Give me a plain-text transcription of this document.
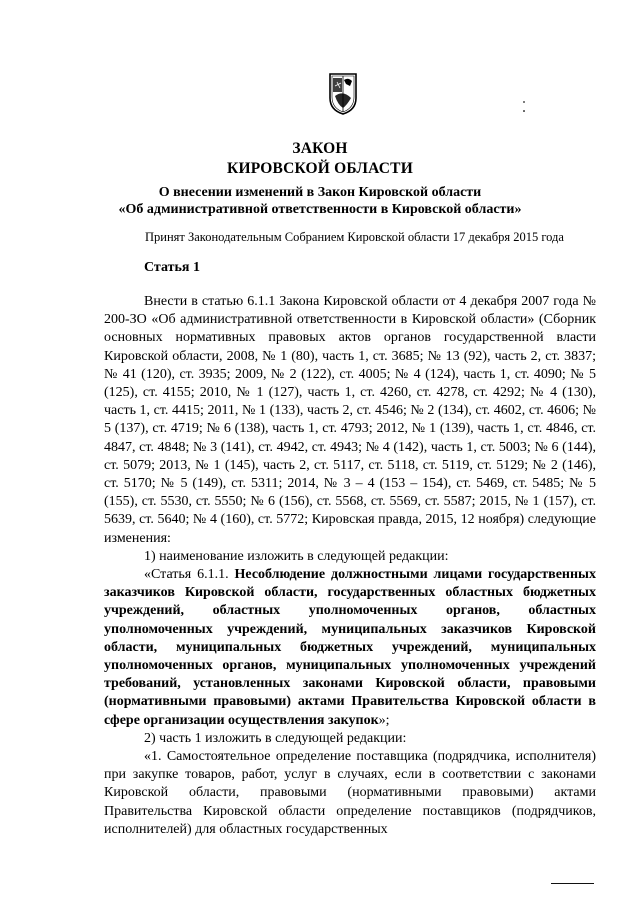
ЗАКОН
КИРОВСКОЙ ОБЛАСТИ
О внесении изменений в Закон Кировской области
«Об административной ответственности в Кировской области»
Принят Законодательным Собранием Кировской области 17 декабря 2015 года
Статья 1

Внести в статью 6.1.1 Закона Кировской области от 4 декабря 2007 года № 200-ЗО «Об административной ответственности в Кировской области» (Сборник основных нормативных правовых актов органов государственной власти Кировской области, 2008, № 1 (80), часть 1, ст. 3685; № 13 (92), часть 2, ст. 3837; № 41 (120), ст. 3935; 2009, № 2 (122), ст. 4005; № 4 (124), часть 1, ст. 4090; № 5 (125), ст. 4155; 2010, № 1 (127), часть 1, ст. 4260, ст. 4278, ст. 4292; № 4 (130), часть 1, ст. 4415; 2011, № 1 (133), часть 2, ст. 4546; № 2 (134), ст. 4602, ст. 4606; № 5 (137), ст. 4719; № 6 (138), часть 1, ст. 4793; 2012, № 1 (139), часть 1, ст. 4846, ст. 4847, ст. 4848; № 3 (141), ст. 4942, ст. 4943; № 4 (142), часть 1, ст. 5003; № 6 (144), ст. 5079; 2013, № 1 (145), часть 2, ст. 5117, ст. 5118, ст. 5119, ст. 5129; № 2 (146), ст. 5170; № 5 (149), ст. 5311; 2014, № 3 – 4 (153 – 154), ст. 5469, ст. 5485; № 5 (155), ст. 5530, ст. 5550; № 6 (156), ст. 5568, ст. 5569, ст. 5587; 2015, № 1 (157), ст. 5639, ст. 5640; № 4 (160), ст. 5772; Кировская правда, 2015, 12 ноября) следующие изменения:

1) наименование изложить в следующей редакции:

«Статья 6.1.1. Несоблюдение должностными лицами государственных заказчиков Кировской области, государственных областных бюджетных учреждений, областных уполномоченных органов, областных уполномоченных учреждений, муниципальных заказчиков Кировской области, муниципальных бюджетных учреждений, муниципальных уполномоченных органов, муниципальных уполномоченных учреждений требований, установленных законами Кировской области, правовыми (нормативными правовыми) актами Правительства Кировской области в сфере организации осуществления закупок»;

2) часть 1 изложить в следующей редакции:

«1. Самостоятельное определение поставщика (подрядчика, исполнителя) при закупке товаров, работ, услуг в случаях, если в соответствии с законами Кировской области, правовыми (нормативными правовыми) актами Правительства Кировской области определение поставщиков (подрядчиков, исполнителей) для областных государственных
